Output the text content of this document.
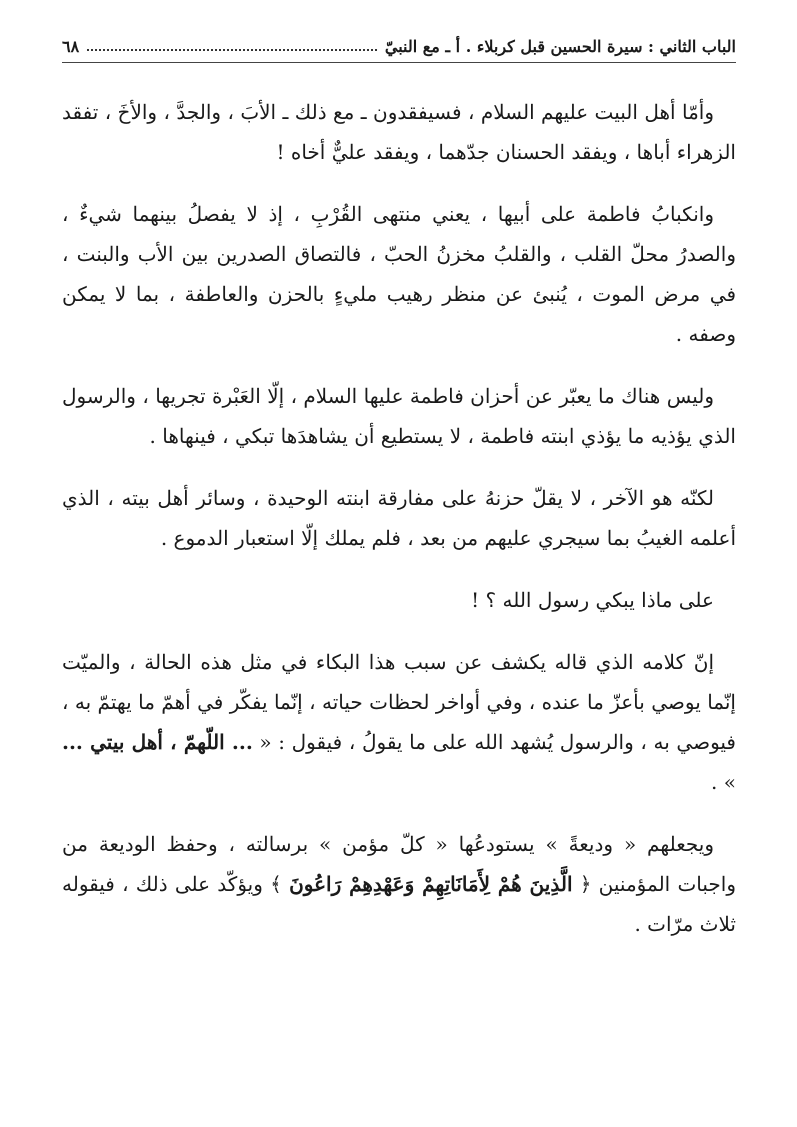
الباب الثاني : سيرة الحسين قبل كربلاء . أ ـ مع النبيّ
٦٨

وأمّا أهل البيت عليهم السلام ، فسيفقدون ـ مع ذلك ـ الأبَ ، والجدَّ ، والأخَ ، تفقد الزهراء أباها ، ويفقد الحسنان جدّهما ، ويفقد عليٌّ أخاه !

وانكبابُ فاطمة على أبيها ، يعني منتهى القُرْبِ ، إذ لا يفصلُ بينهما شيءٌ ، والصدرُ محلّ القلب ، والقلبُ مخزنُ الحبّ ، فالتصاق الصدرين بين الأب والبنت ، في مرض الموت ، يُنبئ عن منظر رهيب مليءٍ بالحزن والعاطفة ، بما لا يمكن وصفه .

وليس هناك ما يعبّر عن أحزان فاطمة عليها السلام ، إلّا العَبْرة تجريها ، والرسول الذي يؤذيه ما يؤذي ابنته فاطمة ، لا يستطيع أن يشاهدَها تبكي ، فينهاها .

لكنّه هو الآخر ، لا يقلّ حزنهُ على مفارقة ابنته الوحيدة ، وسائر أهل بيته ، الذي أعلمه الغيبُ بما سيجري عليهم من بعد ، فلم يملك إلّا استعبار الدموع .

على ماذا يبكي رسول الله ؟ !

إنّ كلامه الذي قاله يكشف عن سبب هذا البكاء في مثل هذه الحالة ، والميّت إنّما يوصي بأعزّ ما عنده ، وفي أواخر لحظات حياته ، إنّما يفكّر في أهمّ ما يهتمّ به ، فيوصي به ، والرسول يُشهد الله على ما يقولُ ، فيقول : « ... اللّهمّ ، أهل بيتي ... » .

ويجعلهم « وديعةً » يستودعُها « كلّ مؤمن » برسالته ، وحفظ الوديعة من واجبات المؤمنين ﴿ الَّذِينَ هُمْ لِأَمَانَاتِهِمْ وَعَهْدِهِمْ رَاعُونَ ﴾ ويؤكّد على ذلك ، فيقوله ثلاث مرّات .
